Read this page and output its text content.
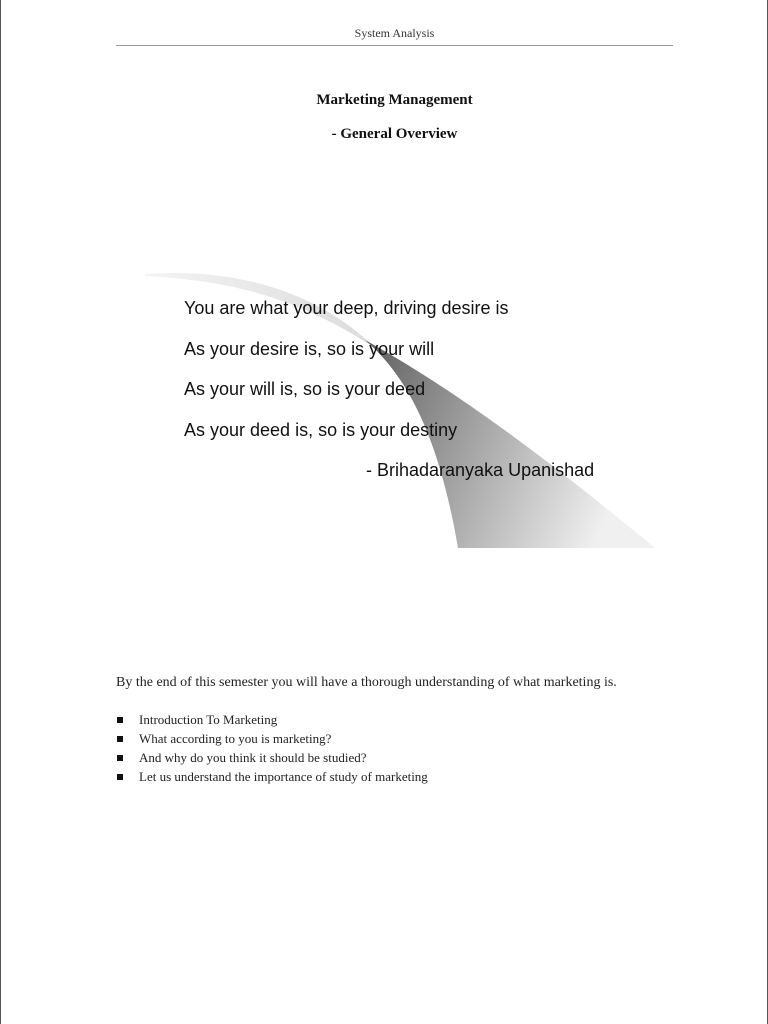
System Analysis
Marketing Management
- General Overview
You are what your deep, driving desire is
As your desire is, so is your will
As your will is, so is your deed
As your deed is, so is your destiny
- Brihadaranyaka Upanishad
By the end of this semester you will have a thorough understanding of what marketing is.
Introduction To Marketing
What according to you is marketing?
And why do you think it should be studied?
Let us understand the importance of study of marketing
